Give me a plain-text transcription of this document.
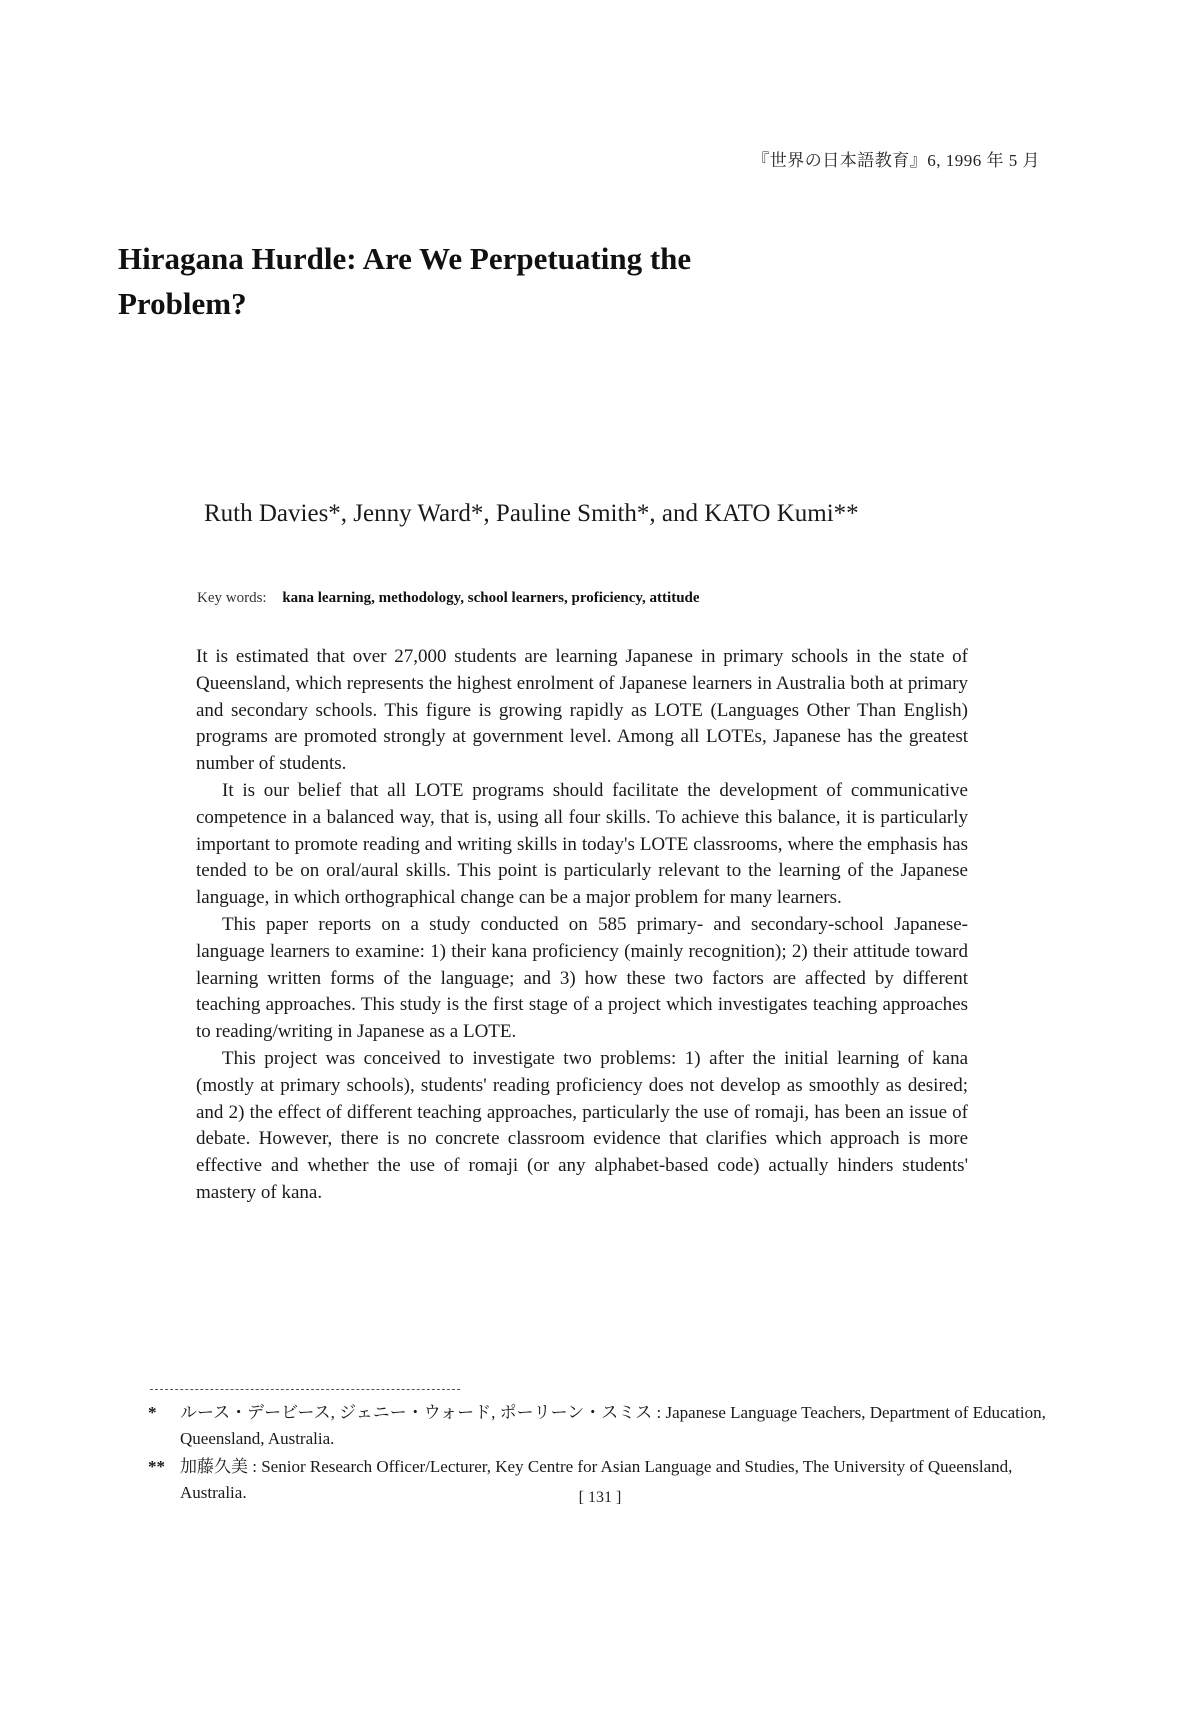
『世界の日本語教育』6, 1996 年 5 月
Hiragana Hurdle: Are We Perpetuating the Problem?
Ruth Davies*, Jenny Ward*, Pauline Smith*, and KATO Kumi**
Key words: kana learning, methodology, school learners, proficiency, attitude

It is estimated that over 27,000 students are learning Japanese in primary schools in the state of Queensland, which represents the highest enrolment of Japanese learners in Australia both at primary and secondary schools. This figure is growing rapidly as LOTE (Languages Other Than English) programs are promoted strongly at government level. Among all LOTEs, Japanese has the greatest number of students.

It is our belief that all LOTE programs should facilitate the development of communicative competence in a balanced way, that is, using all four skills. To achieve this balance, it is particularly important to promote reading and writing skills in today's LOTE classrooms, where the emphasis has tended to be on oral/aural skills. This point is particularly relevant to the learning of the Japanese language, in which orthographical change can be a major problem for many learners.

This paper reports on a study conducted on 585 primary- and secondary-school Japanese-language learners to examine: 1) their kana proficiency (mainly recognition); 2) their attitude toward learning written forms of the language; and 3) how these two factors are affected by different teaching approaches. This study is the first stage of a project which investigates teaching approaches to reading/writing in Japanese as a LOTE.

This project was conceived to investigate two problems: 1) after the initial learning of kana (mostly at primary schools), students' reading proficiency does not develop as smoothly as desired; and 2) the effect of different teaching approaches, particularly the use of romaji, has been an issue of debate. However, there is no concrete classroom evidence that clarifies which approach is more effective and whether the use of romaji (or any alphabet-based code) actually hinders students' mastery of kana.

*	ルース・デービース, ジェニー・ウォード, ポーリーン・スミス : Japanese Language Teachers, Department of Education, Queensland, Australia.
** 加藤久美 : Senior Research Officer/Lecturer, Key Centre for Asian Language and Studies, The University of Queensland, Australia.	[ 131 ]
